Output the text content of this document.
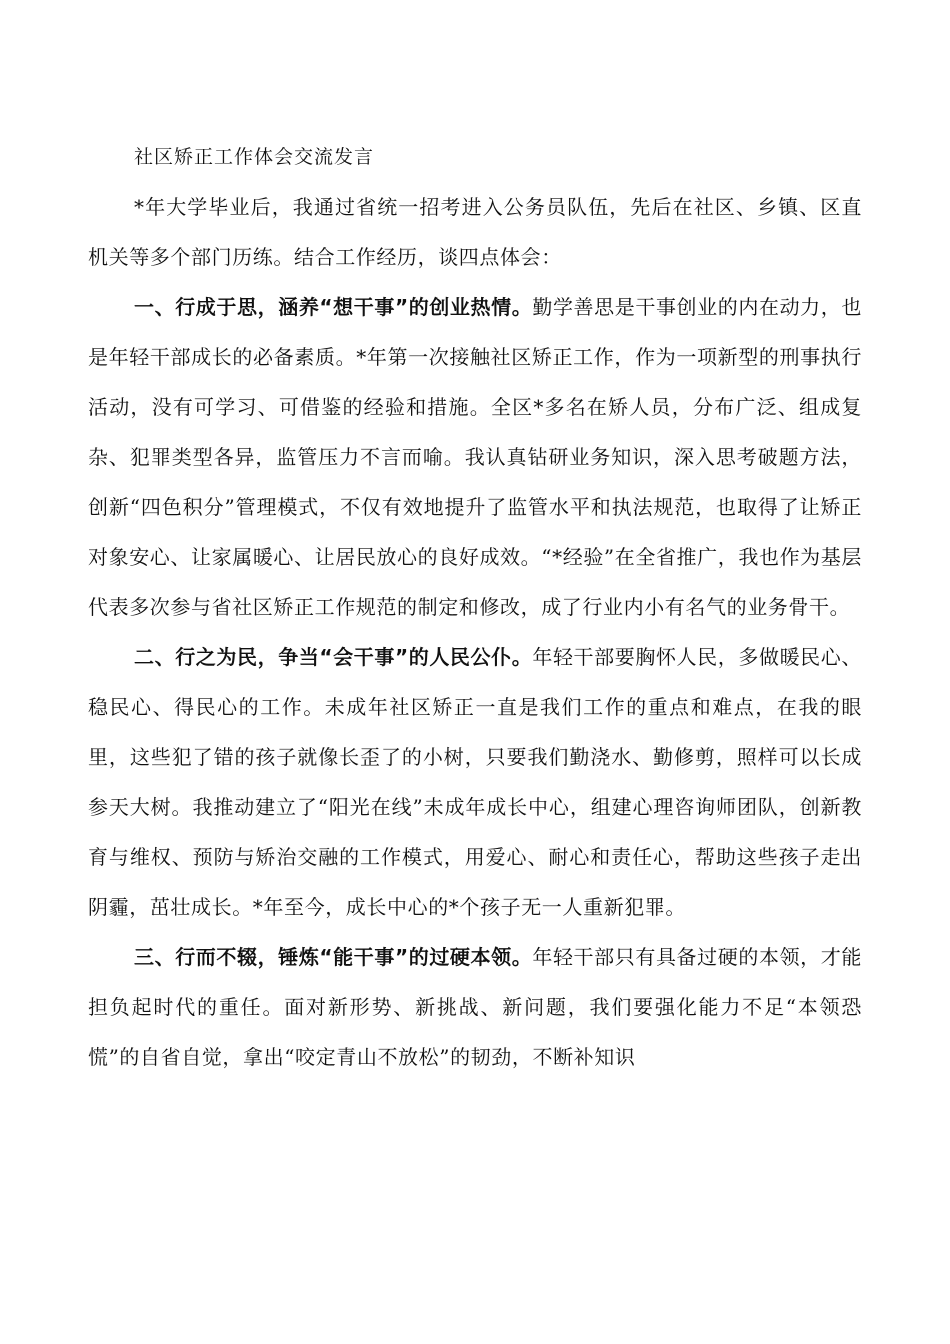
社区矫正工作体会交流发言

*年大学毕业后，我通过省统一招考进入公务员队伍，先后在社区、乡镇、区直机关等多个部门历练。结合工作经历，谈四点体会：

一、行成于思，涵养“想干事”的创业热情。勤学善思是干事创业的内在动力，也是年轻干部成长的必备素质。*年第一次接触社区矫正工作，作为一项新型的刑事执行活动，没有可学习、可借鉴的经验和措施。全区*多名在矫人员，分布广泛、组成复杂、犯罪类型各异，监管压力不言而喻。我认真钻研业务知识，深入思考破题方法，创新“四色积分”管理模式，不仅有效地提升了监管水平和执法规范，也取得了让矫正对象安心、让家属暖心、让居民放心的良好成效。“*经验”在全省推广，我也作为基层代表多次参与省社区矫正工作规范的制定和修改，成了行业内小有名气的业务骨干。

二、行之为民，争当“会干事”的人民公仆。年轻干部要胸怀人民，多做暖民心、稳民心、得民心的工作。未成年社区矫正一直是我们工作的重点和难点，在我的眼里，这些犯了错的孩子就像长歪了的小树，只要我们勤浇水、勤修剪，照样可以长成参天大树。我推动建立了“阳光在线”未成年成长中心，组建心理咨询师团队，创新教育与维权、预防与矫治交融的工作模式，用爱心、耐心和责任心，帮助这些孩子走出阴霾，茁壮成长。*年至今，成长中心的*个孩子无一人重新犯罪。

三、行而不辍，锤炼“能干事”的过硬本领。年轻干部只有具备过硬的本领，才能担负起时代的重任。面对新形势、新挑战、新问题，我们要强化能力不足“本领恐慌”的自省自觉，拿出“咬定青山不放松”的韧劲，不断补知识
